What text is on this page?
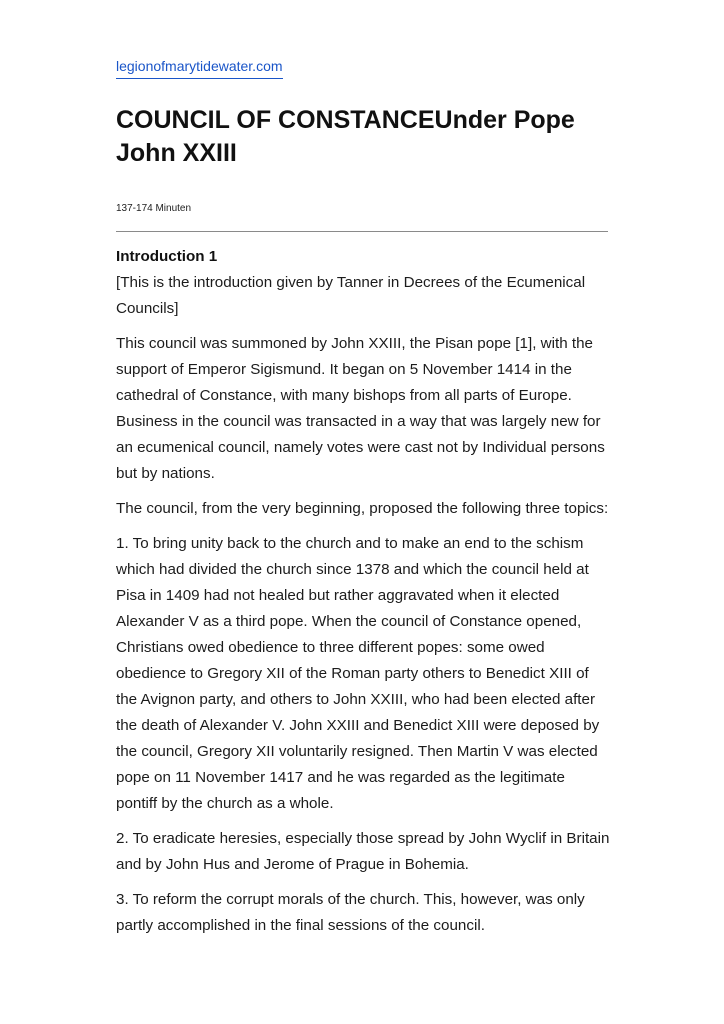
legionofmarytidewater.com
COUNCIL OF CONSTANCEUnder Pope John XXIII
137-174 Minuten

Introduction 1

[This is the introduction given by Tanner in Decrees of the Ecumenical Councils]

This council was summoned by John XXIII, the Pisan pope [1], with the support of Emperor Sigismund. It began on 5 November 1414 in the cathedral of Constance, with many bishops from all parts of Europe. Business in the council was transacted in a way that was largely new for an ecumenical council, namely votes were cast not by Individual persons but by nations.

The council, from the very beginning, proposed the following three topics:

1. To bring unity back to the church and to make an end to the schism which had divided the church since 1378 and which the council held at Pisa in 1409 had not healed but rather aggravated when it elected Alexander V as a third pope. When the council of Constance opened, Christians owed obedience to three different popes: some owed obedience to Gregory XII of the Roman party others to Benedict XIII of the Avignon party, and others to John XXIII, who had been elected after the death of Alexander V. John XXIII and Benedict XIII were deposed by the council, Gregory XII voluntarily resigned. Then Martin V was elected pope on 11 November 1417 and he was regarded as the legitimate pontiff by the church as a whole.

2. To eradicate heresies, especially those spread by John Wyclif in Britain and by John Hus and Jerome of Prague in Bohemia.

3. To reform the corrupt morals of the church. This, however, was only partly accomplished in the final sessions of the council.
